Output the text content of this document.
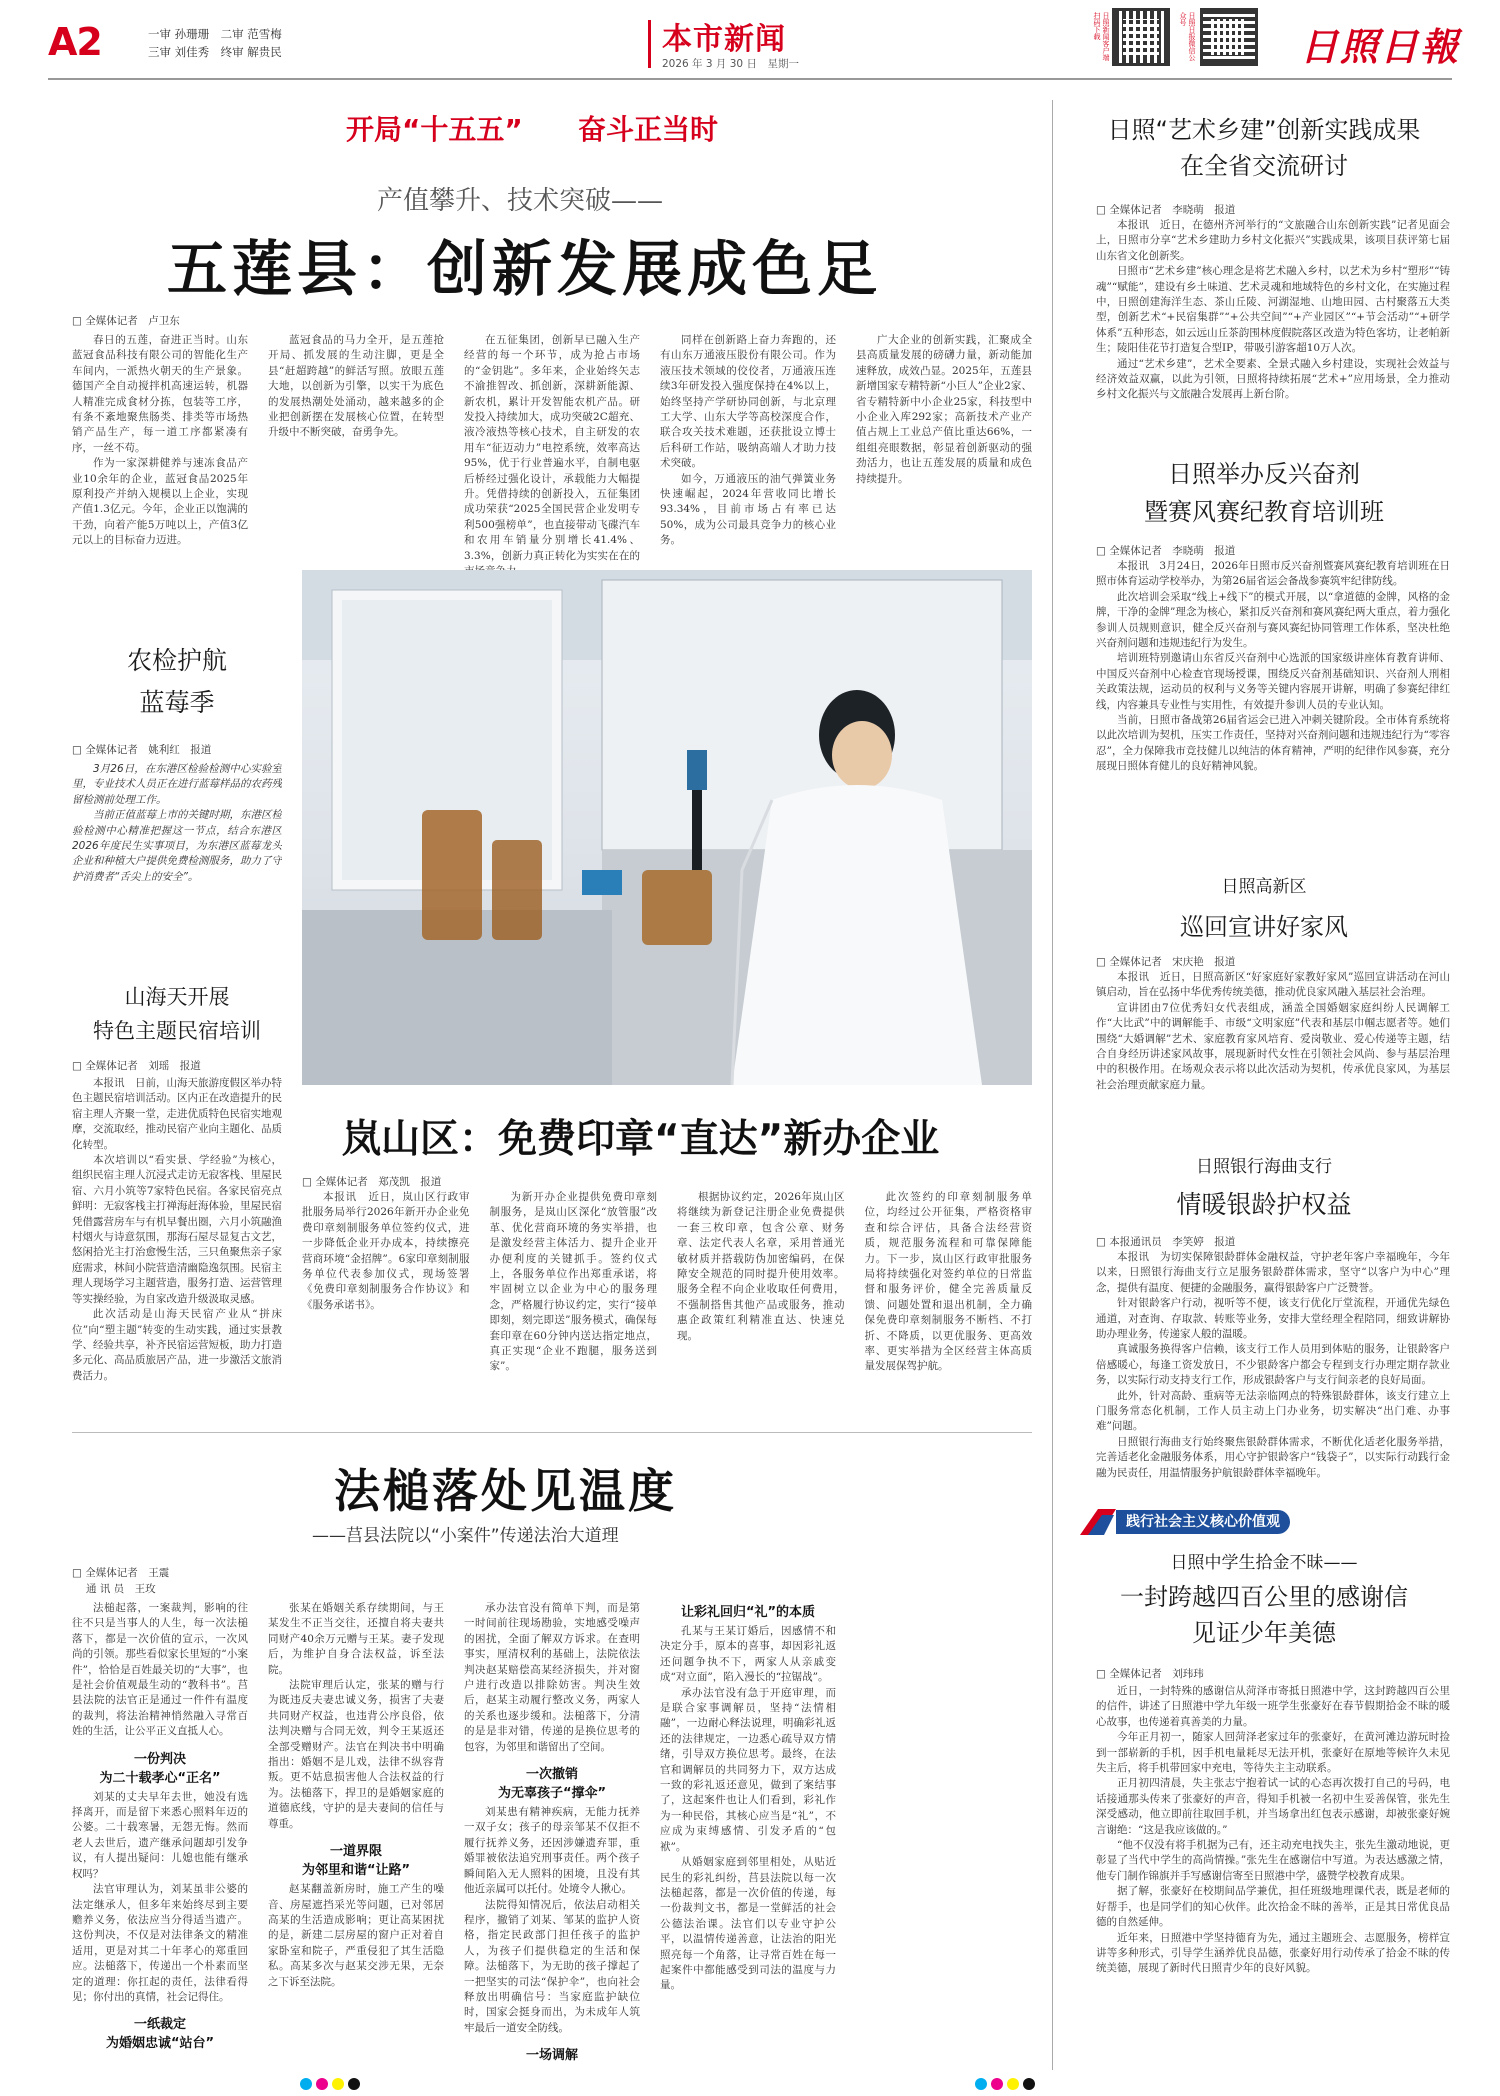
A2	一审 孙珊珊　二审 范雪梅
三审 刘佳秀　终审 解贵民	本市新闻
2026 年 3 月 30 日　星期一
日照新闻客户端 扫码下载	日照日报微信公众号
日照日報
开局“十五五” 奋斗正当时
产值攀升、技术突破——
五莲县：创新发展成色足
□ 全媒体记者　卢卫东

春日的五莲，奋进正当时。山东蓝冠食品科技有限公司的智能化生产车间内，一派热火朝天的生产景象。德国产全自动搅拌机高速运转，机器人精准完成食材分拣，包装等工序，有条不紊地聚焦肠类、排类等市场热销产品生产，每一道工序都紧凑有序，一丝不苟。

作为一家深耕健养与速冻食品产业10余年的企业，蓝冠食品2025年原利投产并纳入规模以上企业，实现产值1.3亿元。今年，企业正以饱满的干劲，向着产能5万吨以上，产值3亿元以上的目标奋力迈进。

蓝冠食品的马力全开，是五莲抢开局、抓发展的生动注脚，更是全县“赶超跨越”的鲜活写照。放眼五莲大地，以创新为引擎，以实干为底色的发展热潮处处涌动，越来越多的企业把创新摆在发展核心位置，在转型升级中不断突破，奋勇争先。

在五征集团，创新早已融入生产经营的每一个环节，成为抢占市场的“金钥匙”。多年来，企业始终矢志不渝推智改、抓创新，深耕新能源、新农机，累计开发智能农机产品。研发投入持续加大，成功突破2C超充、液冷液热等核心技术，自主研发的农用车“征迈动力”电控系统，效率高达95%，优于行业普遍水平，自制电驱后桥经过强化设计，承载能力大幅提升。凭借持续的创新投入，五征集团成功荣获“2025全国民营企业发明专利500强榜单”，也直接带动飞碟汽车和农用车销量分别增长41.4%、3.3%，创新力真正转化为实实在在的

同样在创新路上奋力奔跑的，还有山东万通液压股份有限公司。作为液压技术领域的佼佼者，万通液压连续3年研发投入强度保持在4%以上，始终坚持产学研协同创新，与北京理工大学、山东大学等高校深度合作，联合攻关技术难题，还获批设立博士后科研工作站，吸纳高端人才助力技术突破。

如今，万通液压的油气弹簧业务快速崛起，2024年营收同比增长93.34%，目前市场占有率已达50%，成为公司最具竞争力的核心业务。

广大企业的创新实践，汇聚成全县高质量发展的磅礴力量，新动能加速释放，成效凸显。2025年，五莲县新增国家专精特新“小巨人”企业2家、省专精特新中小企业25家，科技型中小企业入库292家；高新技术产业产值占规上工业总产值比重达66%，一组组亮眼数据，彰显着创新驱动的强劲活力，也让五莲发展的质量和成色持续提升。

农检护航
蓝莓季
□ 全媒体记者　姚利红　报道

3月26日，在东港区检验检测中心实验室里，专业技术人员正在进行蓝莓样品的农药残留检测前处理工作。

当前正值蓝莓上市的关键时期，东港区检验检测中心精准把握这一节点，结合东港区2026年度民生实事项目，为东港区蓝莓龙头企业和种植大户提供免费检测服务，助力了守护消费者“舌尖上的安全”。

山海天开展
特色主题民宿培训
□ 全媒体记者　刘瑶　报道

本报讯　日前，山海天旅游度假区举办特色主题民宿培训活动。区内正在改造提升的民宿主理人齐聚一堂，走进优质特色民宿实地观摩，交流取经，推动民宿产业向主题化、品质化转型。

本次培训以“看实景、学经验”为核心，组织民宿主理人沉浸式走访无寂客栈、里屋民宿、六月小筑等7家特色民宿。各家民宿亮点鲜明：无寂客栈主打禅海赶海体验，里屋民宿凭借露营房车与有机早餐出圈，六月小筑融渔村烟火与诗意氛围，那海石屋尽显复古文艺，悠闲拾光主打治愈慢生活，三只鱼聚焦亲子家庭需求，林间小院营造清幽隐逸氛围。民宿主理人现场学习主题营造，服务打造、运营管理等实操经验，为自家改造升级汲取灵感。

此次活动是山海天民宿产业从“拼床位”向“塑主题”转变的生动实践，通过实景教学、经验共享，补齐民宿运营短板，助力打造多元化、高品质旅居产品，进一步激活文旅消费活力。

岚山区：免费印章“直达”新办企业
□ 全媒体记者　郑茂凯　报道

本报讯　近日，岚山区行政审批服务局举行2026年新开办企业免费印章刻制服务单位签约仪式，进一步降低企业开办成本，持续擦亮营商环境“金招牌”。6家印章刻制服务单位代表参加仪式，现场签署《免费印章刻制服务合作协议》和《服务承诺书》。

为新开办企业提供免费印章刻制服务，是岚山区深化“放管服”改革、优化营商环境的务实举措，也是激发经营主体活力、提升企业开办便利度的关键抓手。签约仪式上，各服务单位作出郑重承诺，将牢固树立以企业为中心的服务理念，严格履行协议约定，实行“接单即刻，刻完即送”服务模式，确保每套印章在60分钟内送达指定地点，真正实现“企业不跑腿，服务送到家”。

根据协议约定，2026年岚山区将继续为新登记注册企业免费提供一套三枚印章，包含公章、财务章、法定代表人名章，采用普通光敏材质并搭载防伪加密编码，在保障安全规范的同时提升使用效率。服务全程不向企业收取任何费用，不强制搭售其他产品或服务，推动惠企政策红利精准直达、快速兑现。

此次签约的印章刻制服务单位，均经过公开征集，严格资格审查和综合评估，具备合法经营资质，规范服务流程和可靠保障能力。下一步，岚山区行政审批服务局将持续强化对签约单位的日常监督和服务评价，健全完善质量反馈、问题处置和退出机制，全力确保免费印章刻制服务不断档、不打折、不降质，以更优服务、更高效率、更实举措为全区经营主体高质量发展保驾护航。

法槌落处见温度
——莒县法院以“小案件”传递法治大道理
□ 全媒体记者　王震
通 讯 员　王玫

法槌起落，一案裁判，影响的往往不只是当事人的人生，每一次法槌落下，都是一次价值的宣示，一次风尚的引领。那些看似家长里短的“小案件”，恰恰是百姓最关切的“大事”，也是社会价值观最生动的“教科书”。莒县法院的法官正是通过一件件有温度的裁判，将法治精神悄然融入寻常百姓的生活，让公平正义直抵人心。

一份判决
为二十载孝心“正名”

刘某的丈夫早年去世，她没有选择离开，而是留下来悉心照料年迈的公婆。二十载寒暑，无怨无悔。然而老人去世后，遗产继承问题却引发争议，有人提出疑问：儿媳也能有继承权吗？

法官审理认为，刘某虽非公婆的法定继承人，但多年来始终尽到主要赡养义务，依法应当分得适当遗产。这份判决，不仅是对法律条文的精准适用，更是对其二十年孝心的郑重回应。法槌落下，传递出一个朴素而坚定的道理：你扛起的责任，法律看得见；你付出的真情，社会记得住。

一纸裁定
为婚姻忠诚“站台”

张某在婚姻关系存续期间，与王某发生不正当交往，还擅自将夫妻共同财产40余万元赠与王某。妻子发现后，为维护自身合法权益，诉至法院。

法院审理后认定，张某的赠与行为既违反夫妻忠诚义务，损害了夫妻共同财产权益，也违背公序良俗，依法判决赠与合同无效，判令王某返还全部受赠财产。法官在判决书中明确指出：婚姻不是儿戏，法律不纵容背叛。更不姑息损害他人合法权益的行为。法槌落下，捍卫的是婚姻家庭的道德底线，守护的是夫妻间的信任与尊重。

一道界限
为邻里和谐“让路”

赵某翻盖新房时，施工产生的噪音、房屋遮挡采光等问题，已对邻居高某的生活造成影响；更让高某困扰的是，新建二层房屋的窗户正对着自家卧室和院子，严重侵犯了其生活隐私。高某多次与赵某交涉无果，无奈之下诉至法院。

承办法官没有简单下判，而是第一时间前往现场勘验，实地感受噪声的困扰，全面了解双方诉求。在查明事实，厘清权利的基础上，法院依法判决赵某赔偿高某经济损失，并对窗户进行改造以排除妨害。判决生效后，赵某主动履行整改义务，两家人的关系也逐步缓和。法槌落下，分清的是是非对错，传递的是换位思考的包容，为邻里和谐留出了空间。

一次撤销
为无辜孩子“撑伞”

刘某患有精神疾病，无能力抚养一双子女；孩子的母亲邹某不仅拒不履行抚养义务，还因涉嫌遗弃罪，重婚罪被依法追究刑事责任。两个孩子瞬间陷入无人照料的困境，且没有其他近亲属可以托付。处境令人揪心。

法院得知情况后，依法启动相关程序，撤销了刘某、邹某的监护人资格，指定民政部门担任孩子的监护人，为孩子们提供稳定的生活和保障。法槌落下，为无助的孩子撑起了一把坚实的司法“保护伞”，也向社会释放出明确信号：当家庭监护缺位时，国家会挺身而出，为未成年人筑牢最后一道安全防线。

一场调解
让彩礼回归“礼”的本质

孔某与王某订婚后，因感情不和决定分手，原本的喜事，却因彩礼返还问题争执不下，两家人从亲戚变成“对立面”，陷入漫长的“拉锯战”。

承办法官没有急于开庭审理，而是联合家事调解员，坚持“法情相融”，一边耐心释法说理，明确彩礼返还的法律规定，一边悉心疏导双方情绪，引导双方换位思考。最终，在法官和调解员的共同努力下，双方达成一致的彩礼返还意见，做到了案结事了，这起案件也让人们看到，彩礼作为一种民俗，其核心应当是“礼”，不应成为束缚感情、引发矛盾的“包袱”。

从婚姻家庭到邻里相处，从贴近民生的彩礼纠纷，莒县法院以每一次法槌起落，都是一次价值的传递，每一份裁判文书，都是一堂鲜活的社会公德法治课。法官们以专业守护公平，以温情传递善意，让法治的阳光照亮每一个角落，让寻常百姓在每一起案件中都能感受到司法的温度与力量。

日照“艺术乡建”创新实践成果
在全省交流研讨
□ 全媒体记者　李晓萌　报道

本报讯　近日，在德州齐河举行的“文旅融合山东创新实践”记者见面会上，日照市分享“艺术乡建助力乡村文化振兴”实践成果，该项目获评第七届山东省文化创新奖。

日照市“艺术乡建”核心理念是将艺术融入乡村，以艺术为乡村“塑形”“铸魂”“赋能”，建设有乡土味道、艺术灵魂和地域特色的乡村文化，在实施过程中，日照创建海洋生态、茶山丘陵、河湖湿地、山地田园、古村聚落五大类型，创新艺术“+民宿集群”“+公共空间”“+产业园区”“+节会活动”“+研学体系”五种形态，如云远山丘茶韵围林度假院落区改造为特色客坊，让老帕新生；陵阳佳花节打造复合型IP，带吸引游客超10万人次。

通过“艺术乡建”，艺术全要素、全景式融入乡村建设，实现社会效益与经济效益双赢，以此为引领，日照将持续拓展“艺术+”应用场景，全力推动乡村文化振兴与文旅融合发展再上新台阶。

日照举办反兴奋剂
暨赛风赛纪教育培训班
□ 全媒体记者　李晓萌　报道

本报讯　3月24日，2026年日照市反兴奋剂暨赛风赛纪教育培训班在日照市体育运动学校举办，为第26届省运会备战参赛筑牢纪律防线。

此次培训会采取“线上+线下”的模式开展，以“拿道德的金牌，风格的金牌，干净的金牌”理念为核心，紧扣反兴奋剂和赛风赛纪两大重点，着力强化参训人员规则意识，健全反兴奋剂与赛风赛纪协同管理工作体系，坚决杜绝兴奋剂问题和违规违纪行为发生。

培训班特别邀请山东省反兴奋剂中心选派的国家级讲座体育教育讲师、中国反兴奋剂中心检查官现场授课，围绕反兴奋剂基础知识、兴奋剂人刑相关政策法规，运动员的权利与义务等关键内容展开讲解，明确了参赛纪律红线，内容兼具专业性与实用性，有效提升参训人员的专业认知。

当前，日照市备战第26届省运会已进入冲刺关键阶段。全市体育系统将以此次培训为契机，压实工作责任，坚持对兴奋剂问题和违规违纪行为“零容忍”，全力保障我市竞技健儿以纯洁的体育精神，严明的纪律作风参赛，充分展现日照体育健儿的良好精神风貌。

日照高新区
巡回宣讲好家风
□ 全媒体记者　宋庆艳　报道

本报讯　近日，日照高新区“好家庭好家教好家风”巡回宣讲活动在河山镇启动，旨在弘扬中华优秀传统美德，推动优良家风融入基层社会治理。

宣讲团由7位优秀妇女代表组成，涵盖全国婚姻家庭纠纷人民调解工作“大比武”中的调解能手、市级“文明家庭”代表和基层巾帼志愿者等。她们围绕“大婚调解”艺术、家庭教育家风培育、爱岗敬业、爱心传递等主题，结合自身经历讲述家风故事，展现新时代女性在引领社会风尚、参与基层治理中的积极作用。在场观众表示将以此次活动为契机，传承优良家风，为基层社会治理贡献家庭力量。

日照银行海曲支行
情暖银龄护权益
□ 本报通讯员　李笑婷　报道

本报讯　为切实保障银龄群体金融权益，守护老年客户幸福晚年，今年以来，日照银行海曲支行立足服务银龄群体需求，坚守“以客户为中心”理念，提供有温度、便捷的金融服务，赢得银龄客户广泛赞誉。

针对银龄客户行动，视听等不便，该支行优化厅堂流程，开通优先绿色通道，对查询、存取款、转账等业务，安排大堂经理全程陪同，细致讲解协助办理业务，传递家人般的温暖。

真诚服务换得客户信赖，该支行工作人员用到体贴的服务，让银龄客户倍感暖心，每逢工资发放日，不少银龄客户都会专程到支行办理定期存款业务，以实际行动支持支行工作，形成银龄客户与支行间亲老的良好局面。

此外，针对高龄、重病等无法亲临网点的特殊银龄群体，该支行建立上门服务常态化机制，工作人员主动上门办业务，切实解决“出门难、办事难”问题。

日照银行海曲支行始终聚焦银龄群体需求，不断优化适老化服务举措，完善适老化金融服务体系，用心守护银龄客户“钱袋子”，以实际行动践行金融为民责任，用温情服务护航银龄群体幸福晚年。

践行社会主义核心价值观
日照中学生拾金不昧——
一封跨越四百公里的感谢信
见证少年美德
□ 全媒体记者　刘玮玮

近日，一封特殊的感谢信从菏泽市寄抵日照港中学，这封跨越四百公里的信件，讲述了日照港中学九年级一班学生张豪好在春节假期拾金不昧的暖心故事，也传递着真善美的力量。

今年正月初一，随家人回菏泽老家过年的张豪好，在黄河滩边游玩时捡到一部崭新的手机，因手机电量耗尽无法开机，张豪好在原地等候许久未见失主后，将手机带回家中充电，等待失主主动联系。

正月初四清晨，失主张志宁抱着试一试的心态再次拨打自己的号码，电话接通那头传来了张豪好的声音，得知手机被一名初中生妥善保管，张先生深受感动，他立即前往取回手机，并当场拿出红包表示感谢，却被张豪好婉言谢绝：“这是我应该做的。”

“他不仅没有将手机据为己有，还主动充电找失主，张先生激动地说，更彰显了当代中学生的高尚情操。”张先生在感谢信中写道。为表达感激之情，他专门制作锦旗并手写感谢信寄至日照港中学，盛赞学校教育成果。

据了解，张豪好在校期间品学兼优，担任班级地理课代表，既是老师的好帮手，也是同学们的知心伙伴。此次拾金不昧的善举，正是其日常优良品德的自然延伸。

近年来，日照港中学坚持德育为先，通过主题班会、志愿服务，榜样宣讲等多种形式，引导学生涵养优良品德，张豪好用行动传承了拾金不昧的传统美德，展现了新时代日照青少年的良好风貌。
